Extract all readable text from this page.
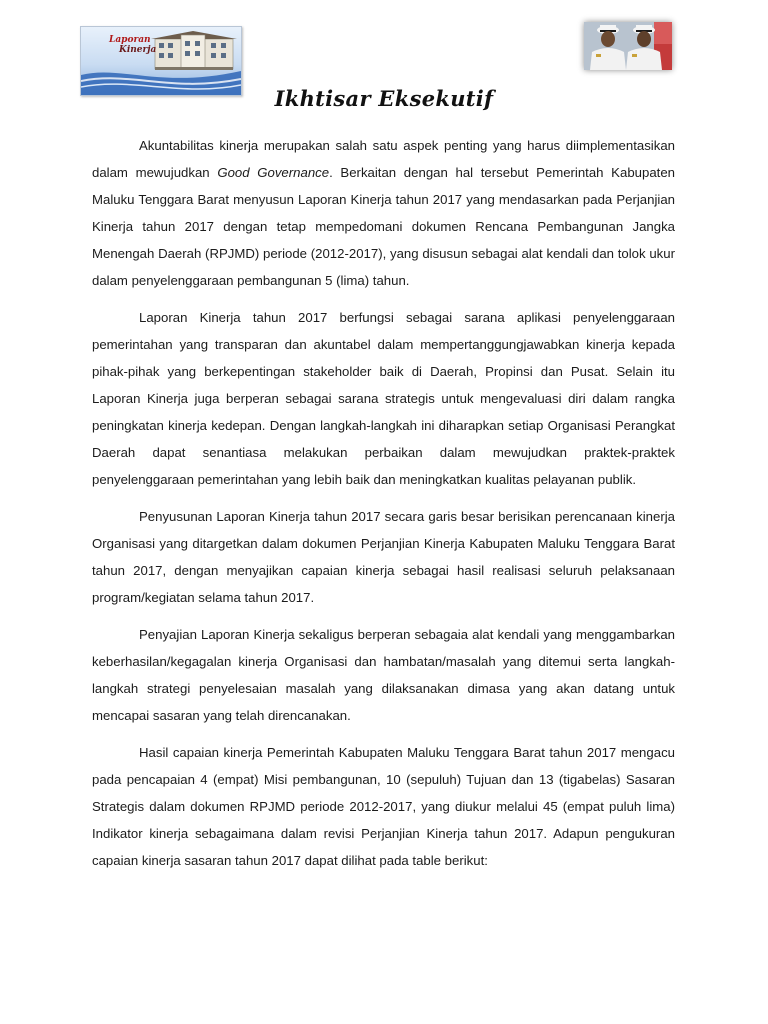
Laporan
Kinerja
Ikhtisar Eksekutif

Akuntabilitas kinerja merupakan salah satu aspek penting yang harus diimplementasikan dalam mewujudkan Good Governance. Berkaitan dengan hal tersebut Pemerintah Kabupaten Maluku Tenggara Barat menyusun Laporan Kinerja tahun 2017 yang mendasarkan pada Perjanjian Kinerja tahun 2017 dengan tetap mempedomani dokumen Rencana Pembangunan Jangka Menengah Daerah (RPJMD) periode (2012-2017), yang disusun sebagai alat kendali dan tolok ukur dalam penyelenggaraan pembangunan 5 (lima) tahun.

Laporan Kinerja tahun 2017 berfungsi sebagai sarana aplikasi penyelenggaraan pemerintahan yang transparan dan akuntabel dalam mempertanggungjawabkan kinerja kepada pihak-pihak yang berkepentingan stakeholder baik di Daerah, Propinsi dan Pusat. Selain itu Laporan Kinerja juga berperan sebagai sarana strategis untuk mengevaluasi diri dalam rangka peningkatan kinerja kedepan. Dengan langkah-langkah ini diharapkan setiap Organisasi Perangkat Daerah dapat senantiasa melakukan perbaikan dalam mewujudkan praktek-praktek penyelenggaraan pemerintahan yang lebih baik dan meningkatkan kualitas pelayanan publik.

Penyusunan Laporan Kinerja tahun 2017 secara garis besar berisikan perencanaan kinerja Organisasi yang ditargetkan dalam dokumen Perjanjian Kinerja Kabupaten Maluku Tenggara Barat tahun 2017, dengan menyajikan capaian kinerja sebagai hasil realisasi seluruh pelaksanaan program/kegiatan selama tahun 2017.

Penyajian Laporan Kinerja sekaligus berperan sebagaia alat kendali yang menggambarkan keberhasilan/kegagalan kinerja Organisasi dan hambatan/masalah yang ditemui serta langkah-langkah strategi penyelesaian masalah yang dilaksanakan dimasa yang akan datang untuk mencapai sasaran yang telah direncanakan.

Hasil capaian kinerja Pemerintah Kabupaten Maluku Tenggara Barat tahun 2017 mengacu pada pencapaian 4 (empat) Misi pembangunan, 10 (sepuluh) Tujuan dan 13 (tigabelas) Sasaran Strategis dalam dokumen RPJMD periode 2012-2017, yang diukur melalui 45 (empat puluh lima) Indikator kinerja sebagaimana dalam revisi Perjanjian Kinerja tahun 2017. Adapun pengukuran capaian kinerja sasaran tahun 2017 dapat dilihat pada table berikut:
